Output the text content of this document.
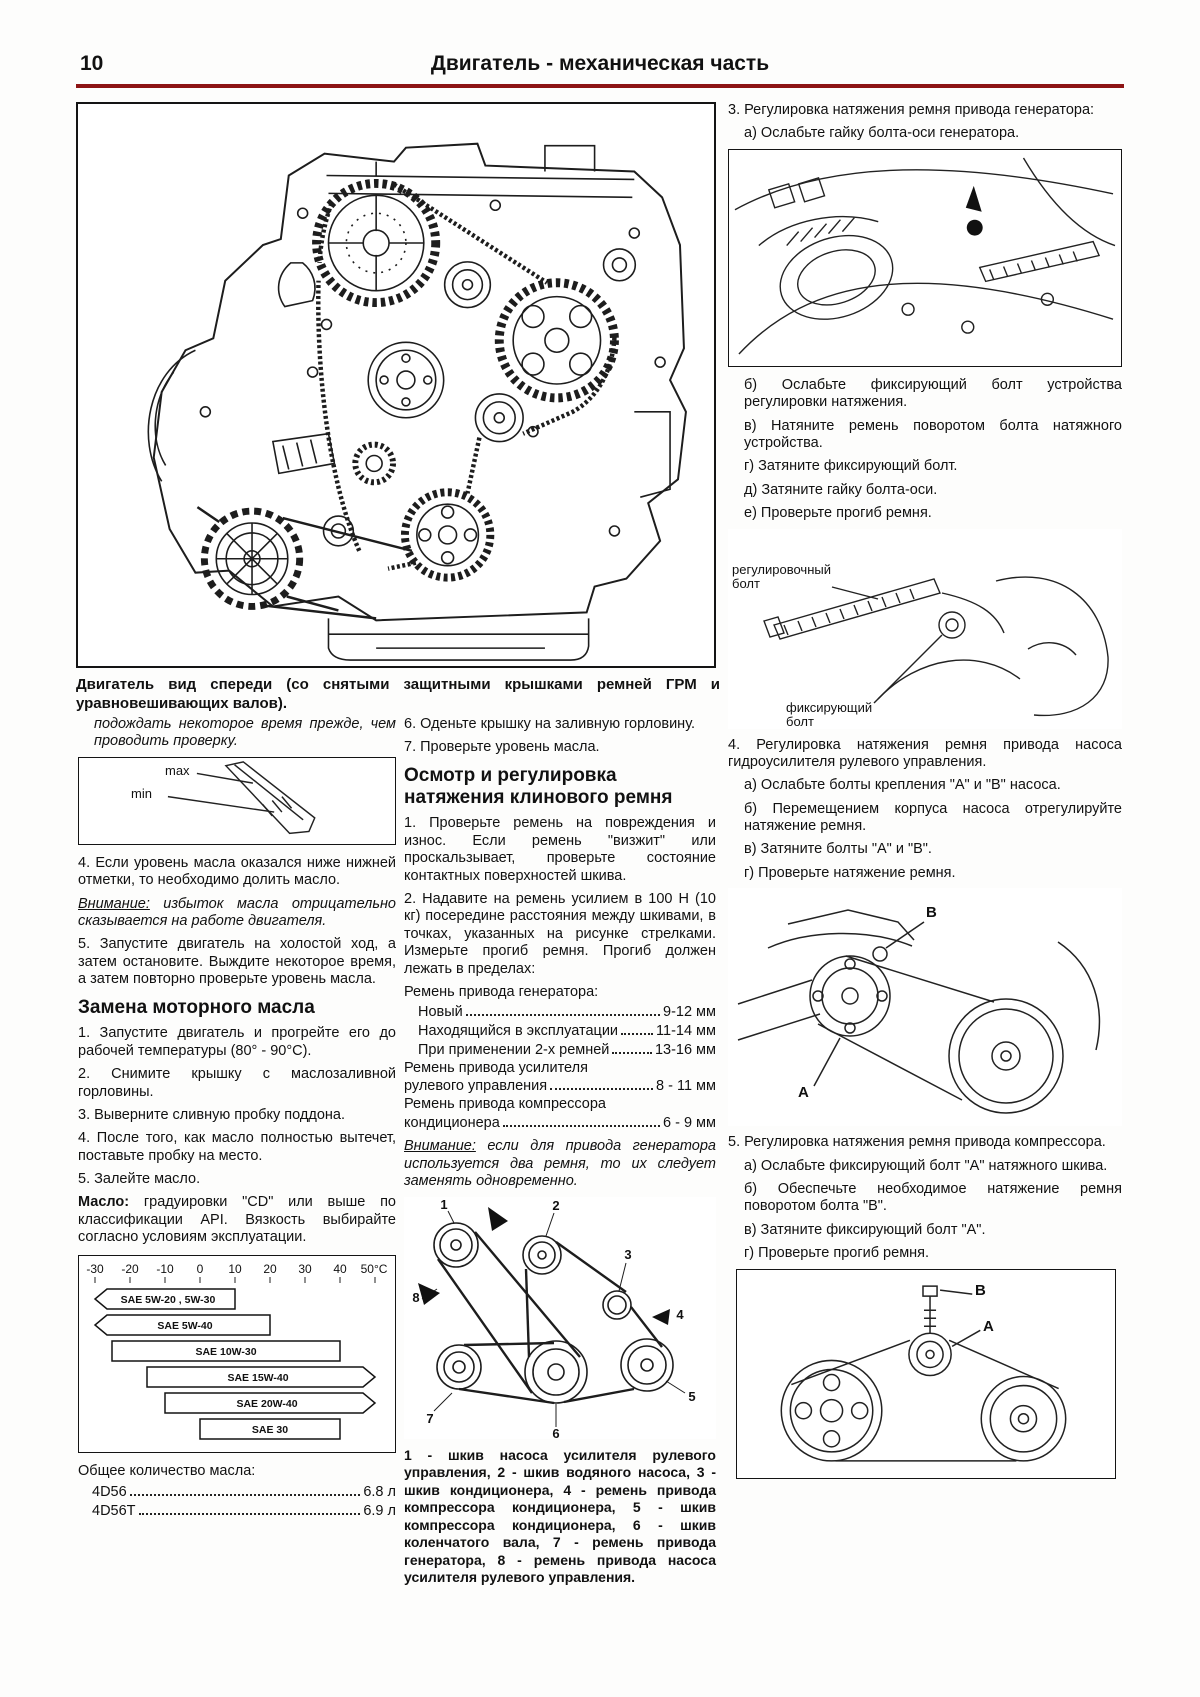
10	Двигатель - механическая часть
Двигатель вид спереди (со снятыми защитными крышками ремней ГРМ и уравновешивающих валов).
подождать некоторое время прежде, чем проводить проверку.
max
min
4. Если уровень масла оказался ниже нижней отметки, то необходимо долить масло.
Внимание: избыток масла отрицательно сказывается на работе двигателя.
5. Запустите двигатель на холостой ход, а затем остановите. Выждите некоторое время, а затем повторно проверьте уровень масла.
Замена моторного масла
1. Запустите двигатель и прогрейте его до рабочей температуры (80° - 90°С).
2. Снимите крышку с маслозаливной горловины.
3. Выверните сливную пробку поддона.
4. После того, как масло полностью вытечет, поставьте пробку на место.
5. Залейте масло.
Масло: градуировки "CD" или выше по классификации API. Вязкость выбирайте согласно условиям эксплуатации.
-30 -20 -10 0 10 20 30 40 50°C
SAE 5W-20 , 5W-30
SAE 5W-40
SAE 10W-30
SAE 15W-40
SAE 20W-40
SAE 30
Общее количество масла:
4D56	6.8 л
4D56T	6.9 л
6. Оденьте крышку на заливную горловину.
7. Проверьте уровень масла.
Осмотр и регулировка натяжения клинового ремня
1. Проверьте ремень на повреждения и износ. Если ремень "визжит" или проскальзывает, проверьте состояние контактных поверхностей шкива.
2. Надавите на ремень усилием в 100 Н (10 кг) посередине расстояния между шкивами, в точках, указанных на рисунке стрелками. Измерьте прогиб ремня. Прогиб должен лежать в пределах:
Ремень привода генератора:
Новый	9-12 мм
Находящийся в эксплуатации	11-14 мм
При применении 2-х ремней	13-16 мм
Ремень привода усилителя
рулевого управления	8 - 11 мм
Ремень привода компрессора
кондиционера	6 - 9 мм
Внимание: если для привода генератора используется два ремня, то их следует заменять одновременно.
1	2
3
4
5
6
7
8
1 - шкив насоса усилителя рулевого управления, 2 - шкив водяного насоса, 3 - шкив кондиционера, 4 - ремень привода компрессора кондиционера, 5 - шкив компрессора кондиционера, 6 - шкив коленчатого вала, 7 - ремень привода генератора, 8 - ремень привода насоса усилителя рулевого управления.
3. Регулировка натяжения ремня привода генератора:
а) Ослабьте гайку болта-оси генератора.
б) Ослабьте фиксирующий болт устройства регулировки натяжения.
в) Натяните ремень поворотом болта натяжного устройства.
г) Затяните фиксирующий болт.
д) Затяните гайку болта-оси.
е) Проверьте прогиб ремня.
регулировочный болт
фиксирующий болт
4. Регулировка натяжения ремня привода насоса гидроусилителя рулевого управления.
а) Ослабьте болты крепления "А" и "В" насоса.
б) Перемещением корпуса насоса отрегулируйте натяжение ремня.
в) Затяните болты "А" и "В".
г) Проверьте натяжение ремня.
B
A
5. Регулировка натяжения ремня привода компрессора.
а) Ослабьте фиксирующий болт "А" натяжного шкива.
б) Обеспечьте необходимое натяжение ремня поворотом болта "В".
в) Затяните фиксирующий болт "А".
г) Проверьте прогиб ремня.
B
A
